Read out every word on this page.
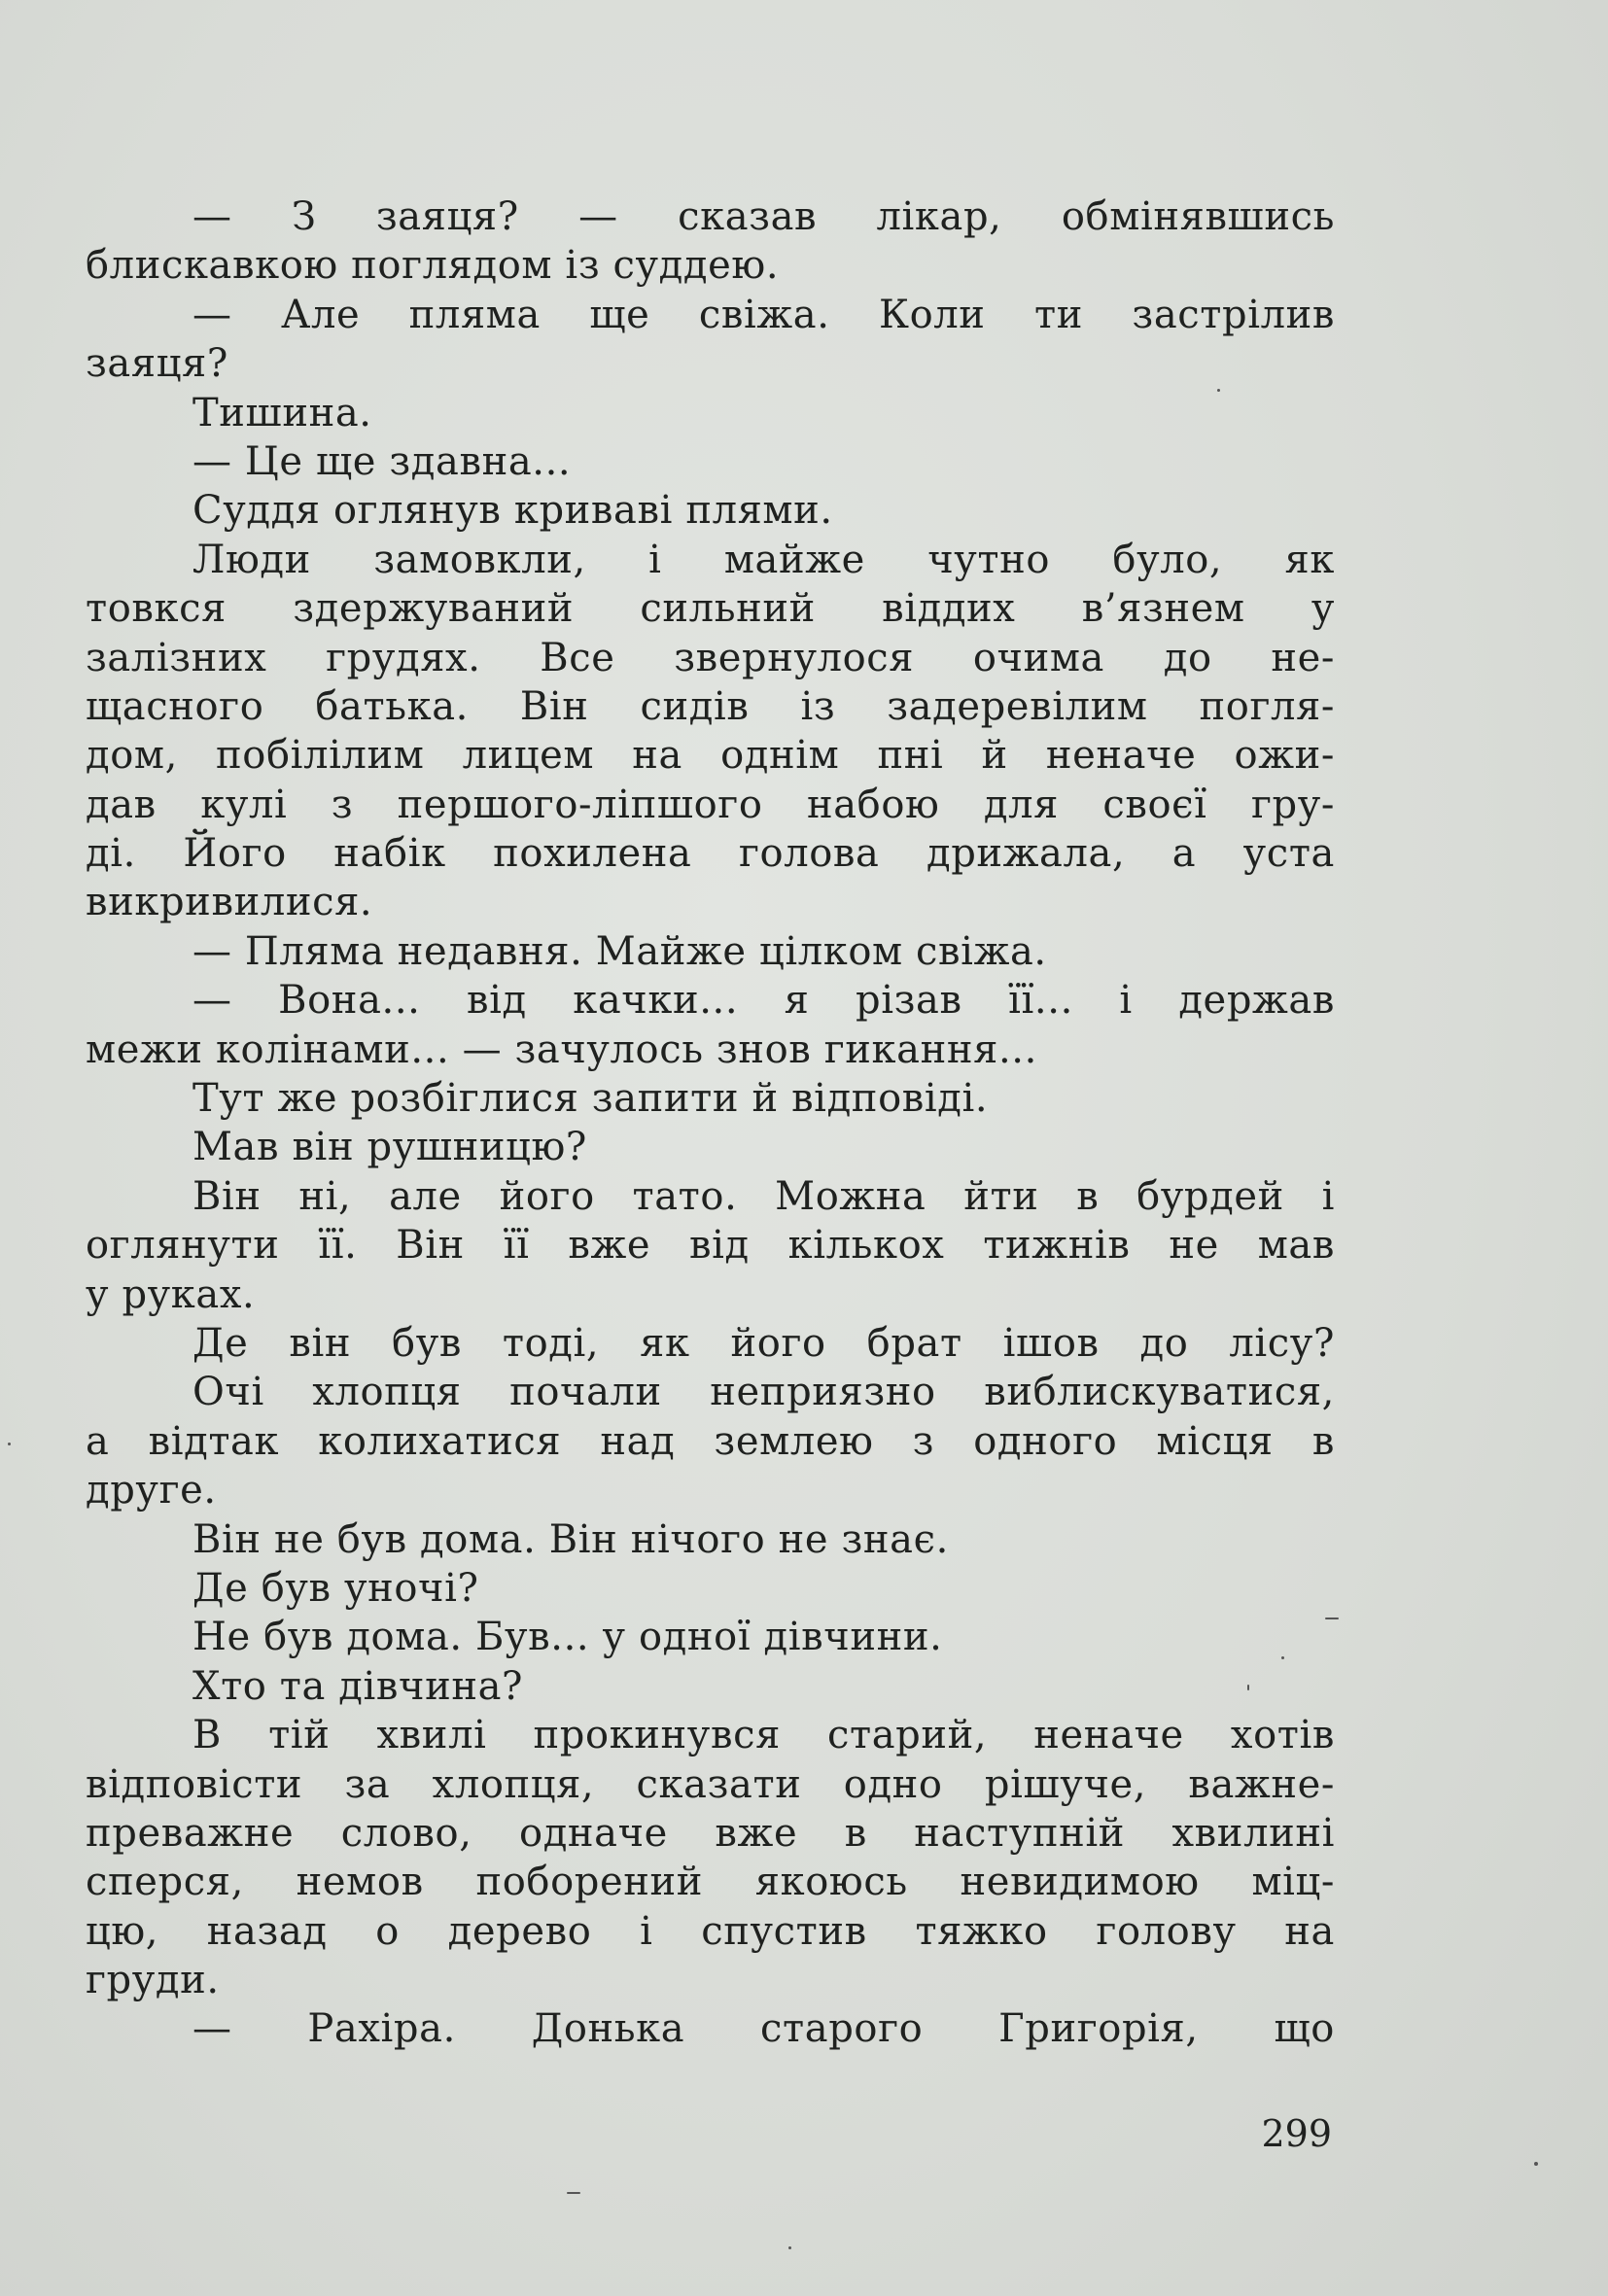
— З заяця? — сказав лікар, обмінявшись
блискавкою поглядом із суддею.
— Але пляма ще свіжа. Коли ти застрілив
заяця?
Тишина.
— Це ще здавна...
Суддя оглянув криваві плями.
Люди замовкли, і майже чутно було, як
товкся здержуваний сильний віддих в’язнем у
залізних грудях. Все звернулося очима до не-
щасного батька. Він сидів із задеревілим погля-
дом, побілілим лицем на однім пні й неначе ожи-
дав кулі з першого-ліпшого набою для своєї гру-
ді. Його набік похилена голова дрижала, а уста
викривилися.
— Пляма недавня. Майже цілком свіжа.
— Вона... від качки... я різав її... і держав
межи колінами... — зачулось знов гикання...
Тут же розбіглися запити й відповіді.
Мав він рушницю?
Він ні, але його тато. Можна йти в бурдей і
оглянути її. Він її вже від кількох тижнів не мав
у руках.
Де він був тоді, як його брат ішов до лісу?
Очі хлопця почали неприязно виблискуватися,
а відтак колихатися над землею з одного місця в
друге.
Він не був дома. Він нічого не знає.
Де був уночі?
Не був дома. Був... у одної дівчини.
Хто та дівчина?
В тій хвилі прокинувся старий, неначе хотів
відповісти за хлопця, сказати одно рішуче, важне-
преважне слово, одначе вже в наступній хвилині
сперся, немов поборений якоюсь невидимою міц-
цю, назад о дерево і спустив тяжко голову на
груди.
— Рахіра. Донька старого Григорія, що
299
